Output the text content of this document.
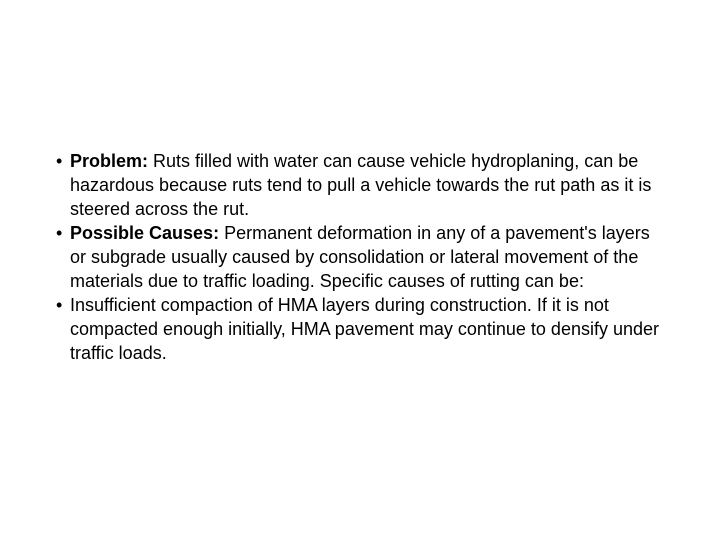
• Problem: Ruts filled with water can cause vehicle hydroplaning, can be hazardous because ruts tend to pull a vehicle towards the rut path as it is steered across the rut.
• Possible Causes: Permanent deformation in any of a pavement's layers or subgrade usually caused by consolidation or lateral movement of the materials due to traffic loading. Specific causes of rutting can be:
• Insufficient compaction of HMA layers during construction. If it is not compacted enough initially, HMA pavement may continue to densify under traffic loads.
